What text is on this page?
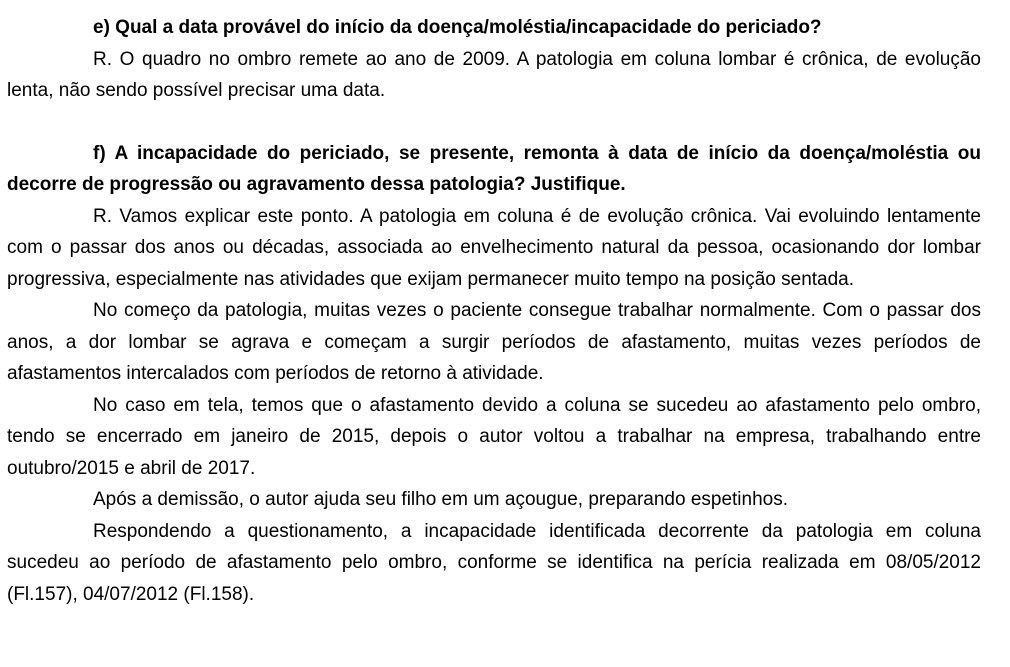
e) Qual a data provável do início da doença/moléstia/incapacidade do periciado?

R. O quadro no ombro remete ao ano de 2009. A patologia em coluna lombar é crônica, de evolução lenta, não sendo possível precisar uma data.

f) A incapacidade do periciado, se presente, remonta à data de início da doença/moléstia ou decorre de progressão ou agravamento dessa patologia? Justifique.

R. Vamos explicar este ponto. A patologia em coluna é de evolução crônica. Vai evoluindo lentamente com o passar dos anos ou décadas, associada ao envelhecimento natural da pessoa, ocasionando dor lombar progressiva, especialmente nas atividades que exijam permanecer muito tempo na posição sentada.

No começo da patologia, muitas vezes o paciente consegue trabalhar normalmente. Com o passar dos anos, a dor lombar se agrava e começam a surgir períodos de afastamento, muitas vezes períodos de afastamentos intercalados com períodos de retorno à atividade.

No caso em tela, temos que o afastamento devido a coluna se sucedeu ao afastamento pelo ombro, tendo se encerrado em janeiro de 2015, depois o autor voltou a trabalhar na empresa, trabalhando entre outubro/2015 e abril de 2017.

Após a demissão, o autor ajuda seu filho em um açougue, preparando espetinhos.

Respondendo a questionamento, a incapacidade identificada decorrente da patologia em coluna sucedeu ao período de afastamento pelo ombro, conforme se identifica na perícia realizada em 08/05/2012 (Fl.157), 04/07/2012 (Fl.158).
